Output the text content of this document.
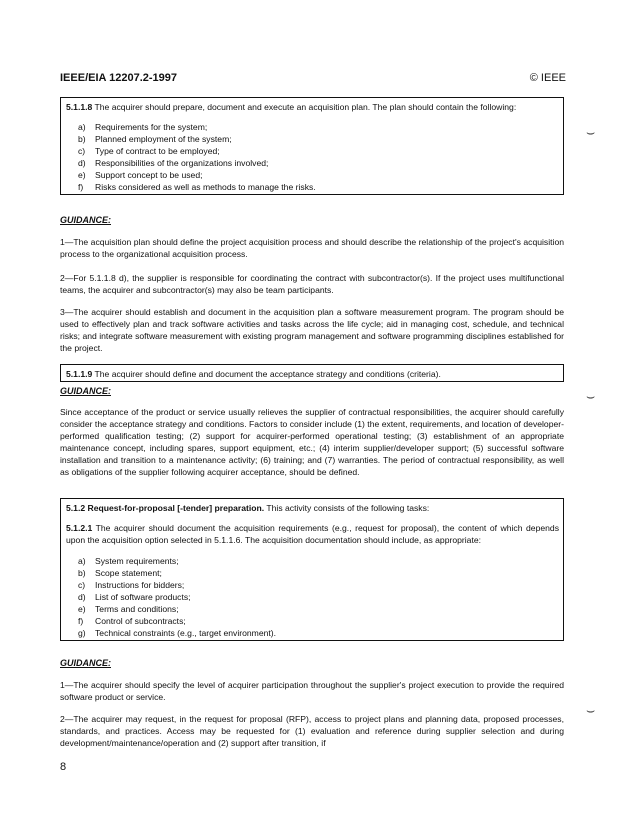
IEEE/EIA 12207.2-1997	© IEEE

5.1.1.8 The acquirer should prepare, document and execute an acquisition plan. The plan should contain the following:

a)	Requirements for the system;
b)	Planned employment of the system;
c)	Type of contract to be employed;
d)	Responsibilities of the organizations involved;
e)	Support concept to be used;
f)	Risks considered as well as methods to manage the risks.
GUIDANCE:

1—The acquisition plan should define the project acquisition process and should describe the relationship of the project's acquisition process to the organizational acquisition process.

2—For 5.1.1.8 d), the supplier is responsible for coordinating the contract with subcontractor(s). If the project uses multifunctional teams, the acquirer and subcontractor(s) may also be team participants.

3—The acquirer should establish and document in the acquisition plan a software measurement program. The program should be used to effectively plan and track software activities and tasks across the life cycle; aid in managing cost, schedule, and technical risks; and integrate software measurement with existing program management and software programming disciplines established for the project.

5.1.1.9 The acquirer should define and document the acceptance strategy and conditions (criteria).

GUIDANCE:

Since acceptance of the product or service usually relieves the supplier of contractual responsibilities, the acquirer should carefully consider the acceptance strategy and conditions. Factors to consider include (1) the extent, requirements, and location of developer-performed qualification testing; (2) support for acquirer-performed operational testing; (3) establishment of an appropriate maintenance concept, including spares, support equipment, etc.; (4) interim supplier/developer support; (5) successful software installation and transition to a maintenance activity; (6) training; and (7) warranties. The period of contractual responsibility, as well as obligations of the supplier following acquirer acceptance, should be defined.

5.1.2 Request-for-proposal [-tender] preparation. This activity consists of the following tasks:

5.1.2.1 The acquirer should document the acquisition requirements (e.g., request for proposal), the content of which depends upon the acquisition option selected in 5.1.1.6. The acquisition documentation should include, as appropriate:

a)	System requirements;
b)	Scope statement;
c)	Instructions for bidders;
d)	List of software products;
e)	Terms and conditions;
f)	Control of subcontracts;
g)	Technical constraints (e.g., target environment).
GUIDANCE:

1—The acquirer should specify the level of acquirer participation throughout the supplier's project execution to provide the required software product or service.

2—The acquirer may request, in the request for proposal (RFP), access to project plans and planning data, proposed processes, standards, and practices. Access may be requested for (1) evaluation and reference during supplier selection and during development/maintenance/operation and (2) support after transition, if

8
⌣
⌣
⌣
